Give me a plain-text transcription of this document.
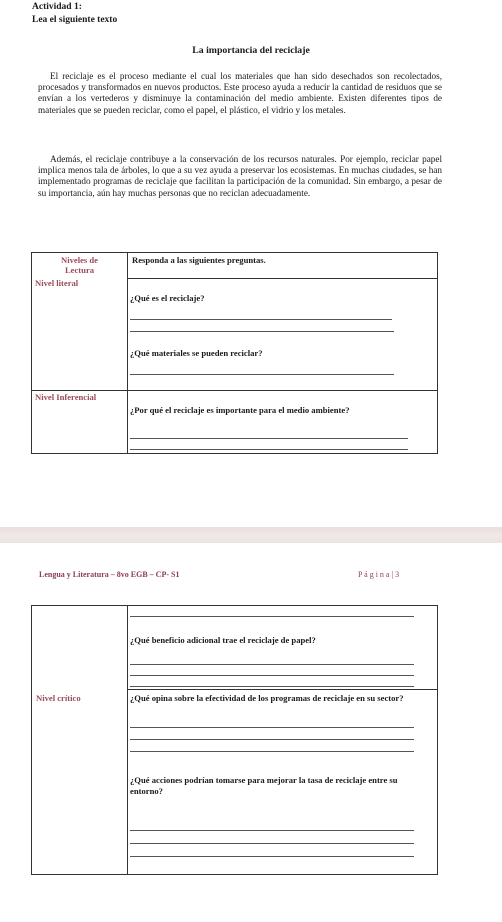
Actividad 1:
Lea el siguiente texto
La importancia del reciclaje
El reciclaje es el proceso mediante el cual los materiales que han sido desechados son recolectados, procesados y transformados en nuevos productos. Este proceso ayuda a reducir la cantidad de residuos que se envían a los vertederos y disminuye la contaminación del medio ambiente. Existen diferentes tipos de materiales que se pueden reciclar, como el papel, el plástico, el vidrio y los metales.
Además, el reciclaje contribuye a la conservación de los recursos naturales. Por ejemplo, reciclar papel implica menos tala de árboles, lo que a su vez ayuda a preservar los ecosistemas. En muchas ciudades, se han implementado programas de reciclaje que facilitan la participación de la comunidad. Sin embargo, a pesar de su importancia, aún hay muchas personas que no reciclan adecuadamente.
Niveles de Lectura	Responda a las siguientes preguntas.

Nivel literal	¿Qué es el reciclaje?
¿Qué materiales se pueden reciclar?

Nivel Inferencial	¿Por qué el reciclaje es importante para el medio ambiente?
Lengua y Literatura – 8vo EGB – CP- S1	P á g i n a | 3

	¿Qué beneficio adicional trae el reciclaje de papel?

Nivel crítico	¿Qué opina sobre la efectividad de los programas de reciclaje en su sector?
¿Qué acciones podrían tomarse para mejorar la tasa de reciclaje entre su entorno?
